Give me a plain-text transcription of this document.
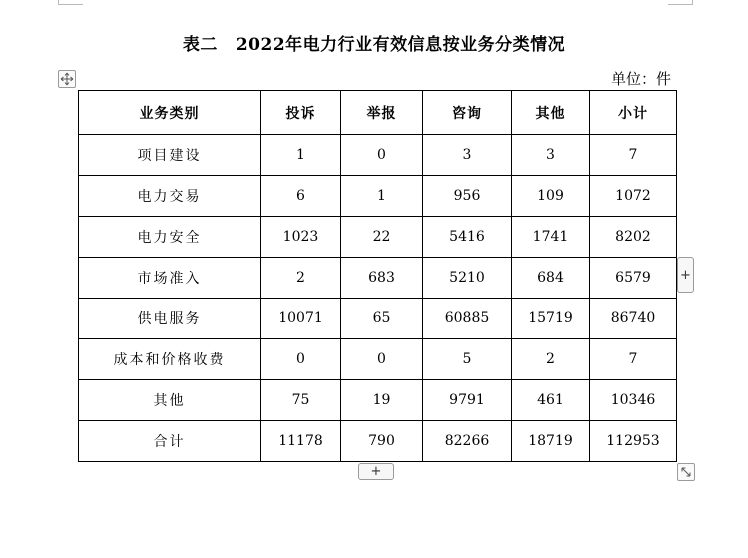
表二 2022年电力行业有效信息按业务分类情况
单位：件
业务类别	投诉	举报	咨询	其他	小计
项目建设	1	0	3	3	7
电力交易	6	1	956	109	1072
电力安全	1023	22	5416	1741	8202
市场准入	2	683	5210	684	6579
供电服务	10071	65	60885	15719	86740
成本和价格收费	0	0	5	2	7
其他	75	19	9791	461	10346
合计	11178	790	82266	18719	112953
+
+
